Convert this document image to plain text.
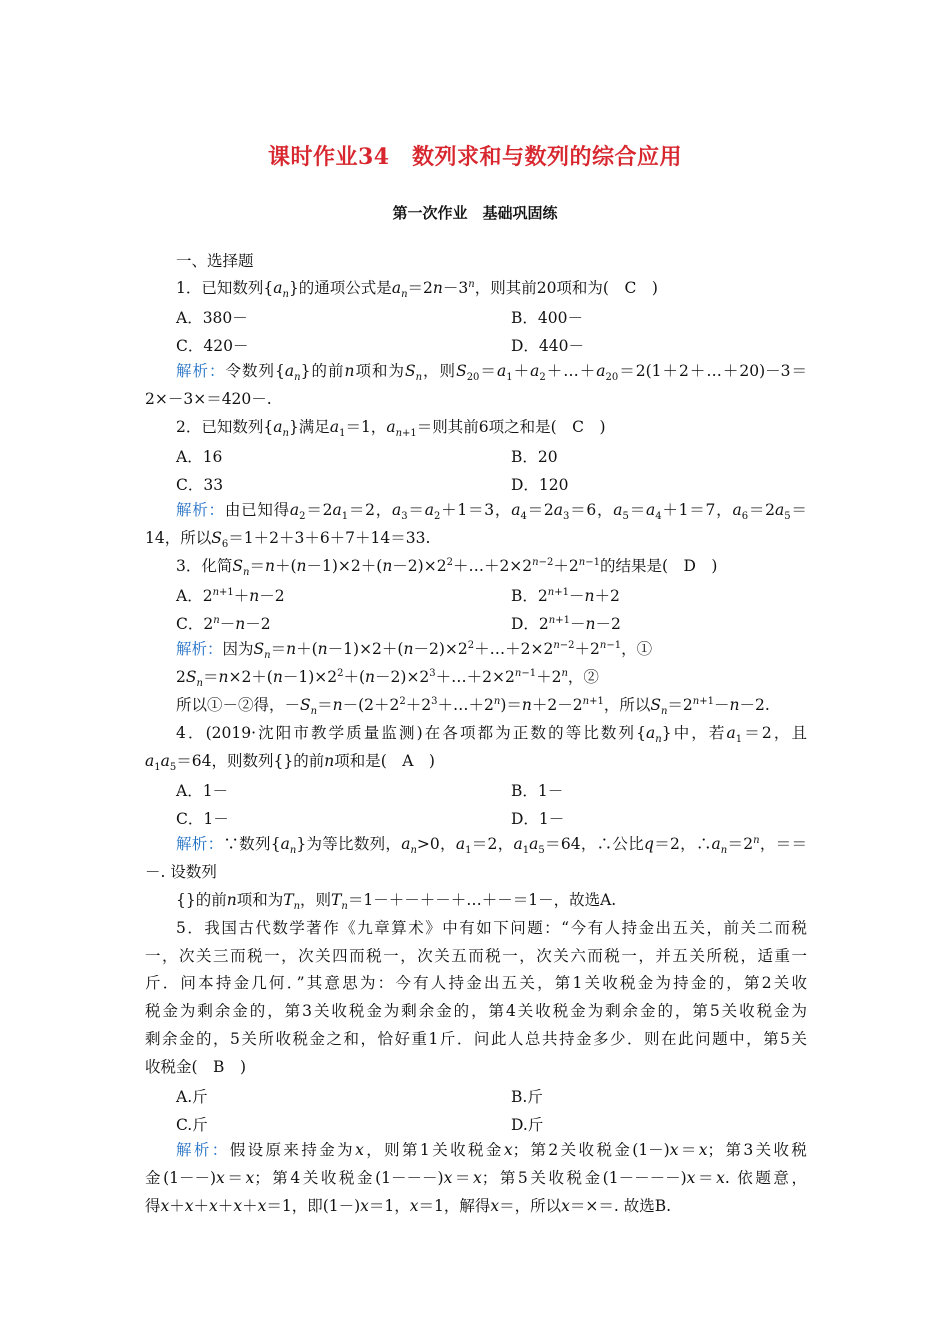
课时作业34　数列求和与数列的综合应用
第一次作业　基础巩固练
一、选择题
1．已知数列$\{a_n\}$的通项公式是$a_n=2n-3^n$，则其前20项和为(　C　)
A．380－	B．400－
C．420－	D．440－
解析：令数列$\{a_n\}$的前n项和为$S_n$，则$S_{20}=a_1+a_2+\dots+a_{20}=2(1+2+\dots+20)-3=$
2×－3×＝420－.
2．已知数列$\{a_n\}$满足$a_1=1$，$a_{n+1}=$则其前6项之和是(　C　)
A．16	B．20
C．33	D．120
解析：由已知得$a_2=2a_1=2$，$a_3=a_2+1=3$，$a_4=2a_3=6$，$a_5=a_4+1=7$，$a_6=2a_5=$
14，所以$S_6=1+2+3+6+7+14=33$.
3．化简$S_n=n+(n-1)\times 2+(n-2)\times 2^2+\dots+2\times 2^{n-2}+2^{n-1}$的结果是(　D　)
A．$2^{n+1}+n-2$	B．$2^{n+1}-n+2$
C．$2^n-n-2$	D．$2^{n+1}-n-2$
解析：因为$S_n=n+(n-1)\times 2+(n-2)\times 2^2+\dots+2\times 2^{n-2}+2^{n-1}$，①
$2S_n=n\times 2+(n-1)\times 2^2+(n-2)\times 2^3+\dots+2\times 2^{n-1}+2^n$，②
所以①－②得，$-S_n=n-(2+2^2+2^3+\dots+2^n)=n+2-2^{n+1}$，所以$S_n=2^{n+1}-n-2$.
4．(2019·沈阳市教学质量监测)在各项都为正数的等比数列$\{a_n\}$中，若$a_1=2$，且
$a_1a_5=64$，则数列{}的前n项和是(　A　)
A．1－	B．1－
C．1－	D．1－
解析：∵数列$\{a_n\}$为等比数列，$a_n>0$，$a_1=2$，$a_1a_5=64$，∴公比q＝2，$\therefore a_n=2^n$，＝＝
－. 设数列
{}的前n项和为$T_n$，则$T_n=1-+-+-+\dots+-=1-$，故选A.
5．我国古代数学著作《九章算术》中有如下问题：“今有人持金出五关，前关二而税
一，次关三而税一，次关四而税一，次关五而税一，次关六而税一，并五关所税，适重一
斤．问本持金几何．”其意思为：今有人持金出五关，第1关收税金为持金的，第2关收
税金为剩余金的，第3关收税金为剩余金的，第4关收税金为剩余金的，第5关收税金为
剩余金的，5关所收税金之和，恰好重1斤．问此人总共持金多少．则在此问题中，第5关
收税金(　B　)
A.斤	B.斤
C.斤	D.斤
解析：假设原来持金为x，则第1关收税金x；第2关收税金(1－)x＝x；第3关收税
金(1－－)x＝x；第4关收税金(1－－－)x＝x；第5关收税金(1－－－－)x＝x. 依题意，
得x＋x＋x＋x＋x＝1，即(1－)x＝1，x＝1，解得x＝，所以x＝×＝. 故选B.
